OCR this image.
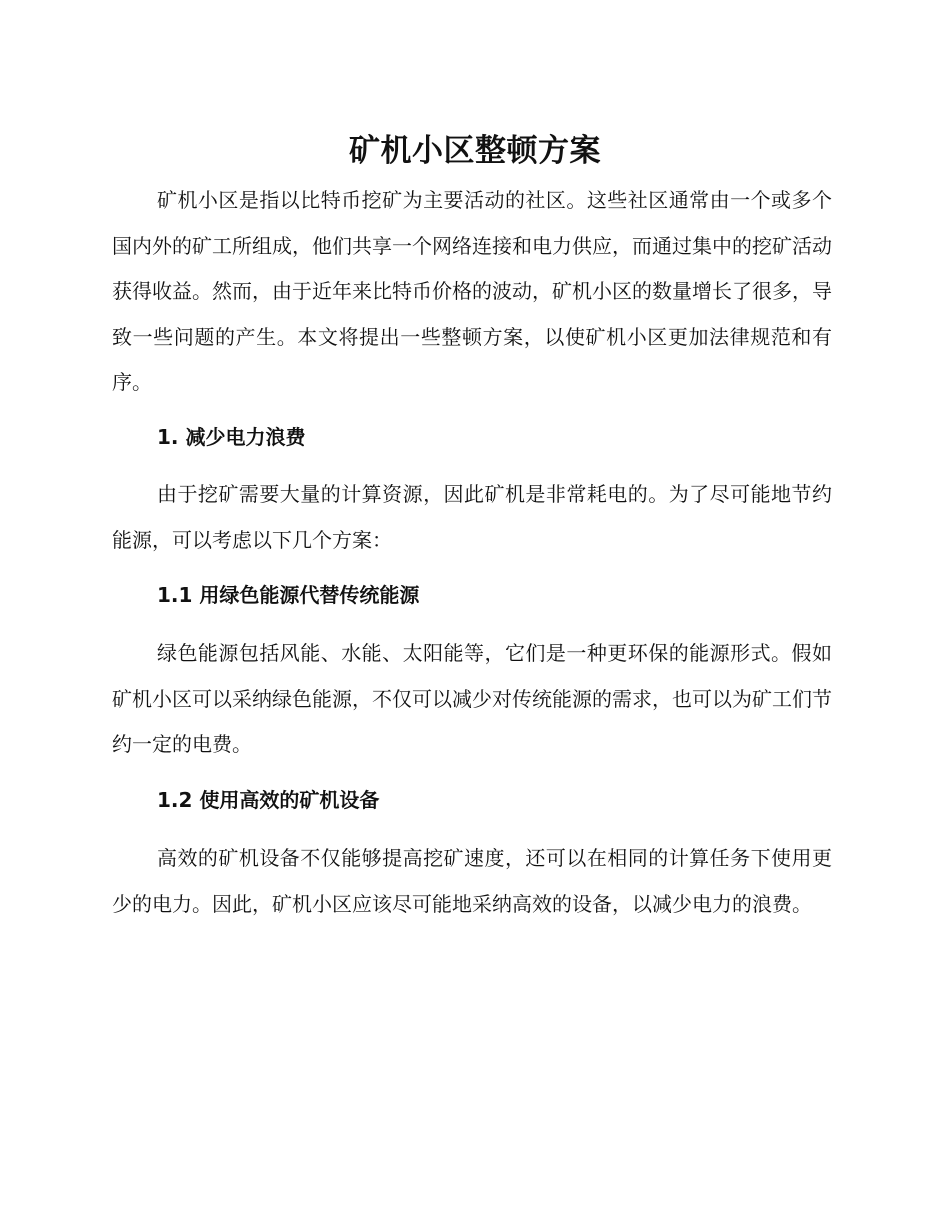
矿机小区整顿方案

矿机小区是指以比特币挖矿为主要活动的社区。这些社区通常由一个或多个国内外的矿工所组成，他们共享一个网络连接和电力供应，而通过集中的挖矿活动获得收益。然而，由于近年来比特币价格的波动，矿机小区的数量增长了很多，导致一些问题的产生。本文将提出一些整顿方案，以使矿机小区更加法律规范和有序。

1. 减少电力浪费

由于挖矿需要大量的计算资源，因此矿机是非常耗电的。为了尽可能地节约能源，可以考虑以下几个方案：

1.1 用绿色能源代替传统能源

绿色能源包括风能、水能、太阳能等，它们是一种更环保的能源形式。假如矿机小区可以采纳绿色能源，不仅可以减少对传统能源的需求，也可以为矿工们节约一定的电费。

1.2 使用高效的矿机设备

高效的矿机设备不仅能够提高挖矿速度，还可以在相同的计算任务下使用更少的电力。因此，矿机小区应该尽可能地采纳高效的设备，以减少电力的浪费。
